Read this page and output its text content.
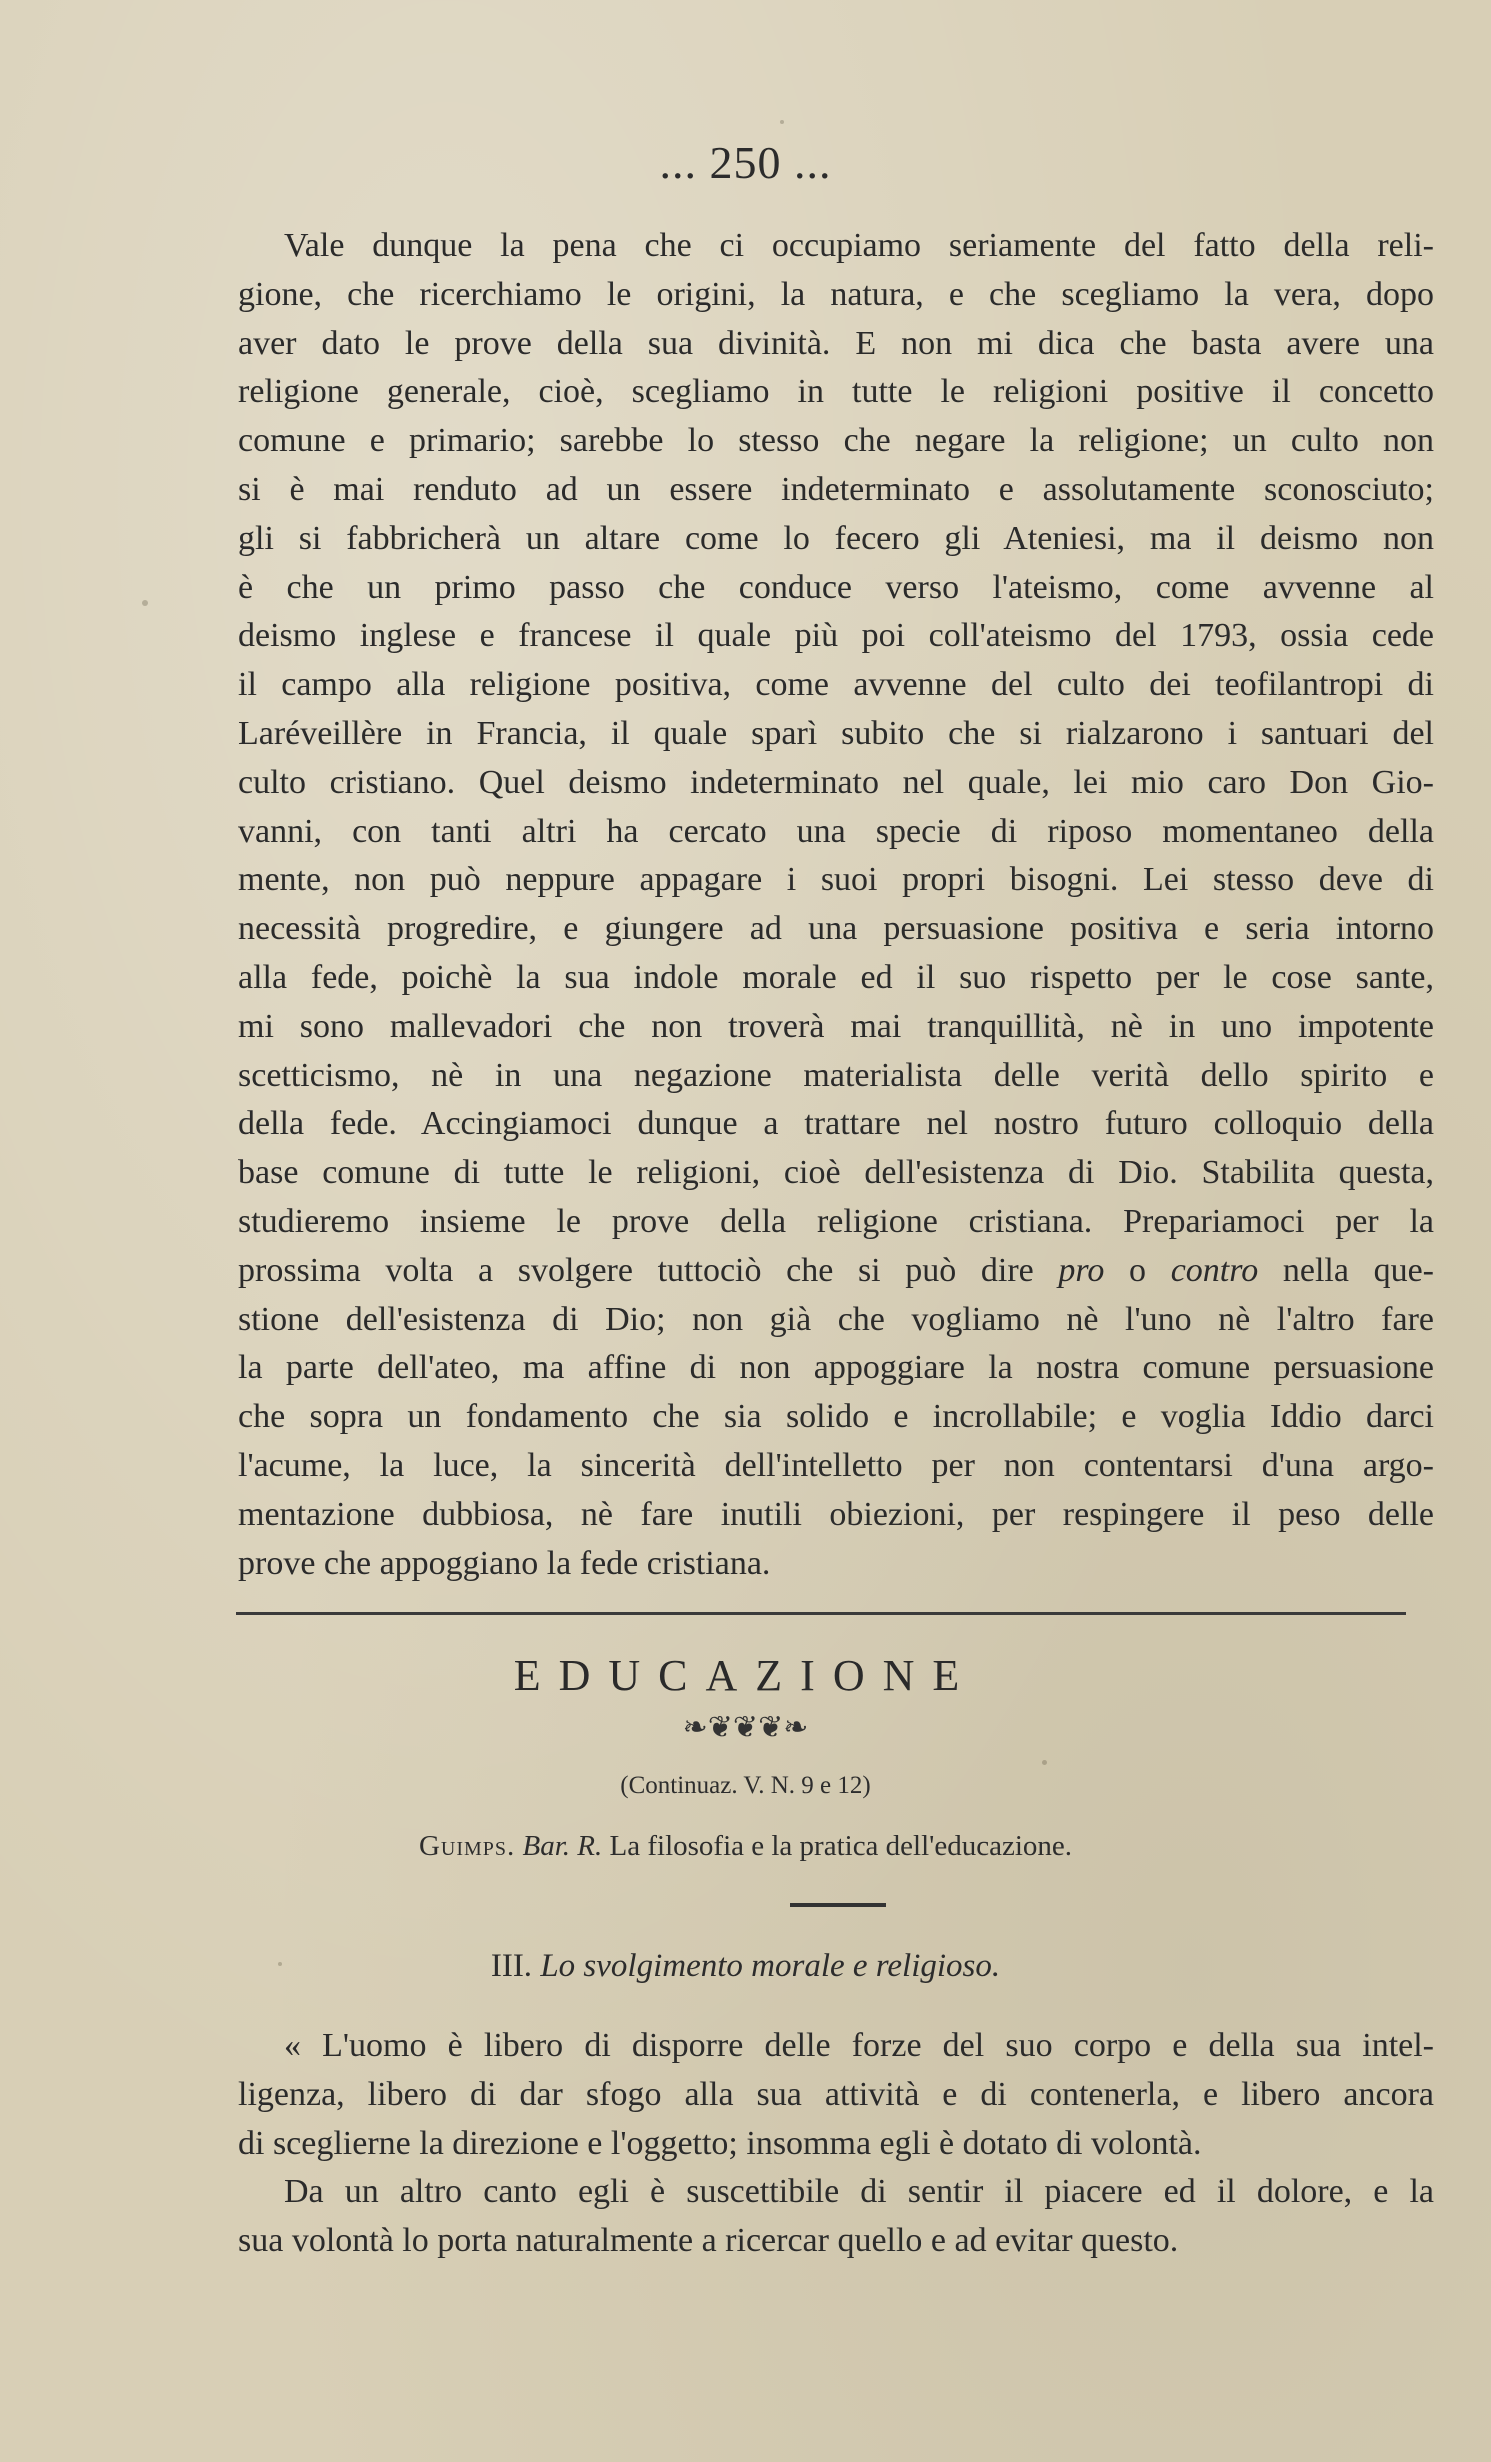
... 250 ...
Vale dunque la pena che ci occupiamo seriamente del fatto della reli-
gione, che ricerchiamo le origini, la natura, e che scegliamo la vera, dopo
aver dato le prove della sua divinità. E non mi dica che basta avere una
religione generale, cioè, scegliamo in tutte le religioni positive il concetto
comune e primario; sarebbe lo stesso che negare la religione; un culto non
si è mai renduto ad un essere indeterminato e assolutamente sconosciuto;
gli si fabbricherà un altare come lo fecero gli Ateniesi, ma il deismo non
è che un primo passo che conduce verso l'ateismo, come avvenne al
deismo inglese e francese il quale più poi coll'ateismo del 1793, ossia cede
il campo alla religione positiva, come avvenne del culto dei teofilantropi di
Laréveillère in Francia, il quale sparì subito che si rialzarono i santuari del
culto cristiano. Quel deismo indeterminato nel quale, lei mio caro Don Gio-
vanni, con tanti altri ha cercato una specie di riposo momentaneo della
mente, non può neppure appagare i suoi propri bisogni. Lei stesso deve di
necessità progredire, e giungere ad una persuasione positiva e seria intorno
alla fede, poichè la sua indole morale ed il suo rispetto per le cose sante,
mi sono mallevadori che non troverà mai tranquillità, nè in uno impotente
scetticismo, nè in una negazione materialista delle verità dello spirito e
della fede. Accingiamoci dunque a trattare nel nostro futuro colloquio della
base comune di tutte le religioni, cioè dell'esistenza di Dio. Stabilita questa,
studieremo insieme le prove della religione cristiana. Prepariamoci per la
prossima volta a svolgere tuttociò che si può dire pro o contro nella que-
stione dell'esistenza di Dio; non già che vogliamo nè l'uno nè l'altro fare
la parte dell'ateo, ma affine di non appoggiare la nostra comune persuasione
che sopra un fondamento che sia solido e incrollabile; e voglia Iddio darci
l'acume, la luce, la sincerità dell'intelletto per non contentarsi d'una argo-
mentazione dubbiosa, nè fare inutili obiezioni, per respingere il peso delle
prove che appoggiano la fede cristiana.
EDUCAZIONE
❧❦❦❦❧
(Continuaz. V. N. 9 e 12)
Guimps. Bar. R. La filosofia e la pratica dell'educazione.
III. Lo svolgimento morale e religioso.
« L'uomo è libero di disporre delle forze del suo corpo e della sua intel-
ligenza, libero di dar sfogo alla sua attività e di contenerla, e libero ancora
di sceglierne la direzione e l'oggetto; insomma egli è dotato di volontà.
Da un altro canto egli è suscettibile di sentir il piacere ed il dolore, e la
sua volontà lo porta naturalmente a ricercar quello e ad evitar questo.
